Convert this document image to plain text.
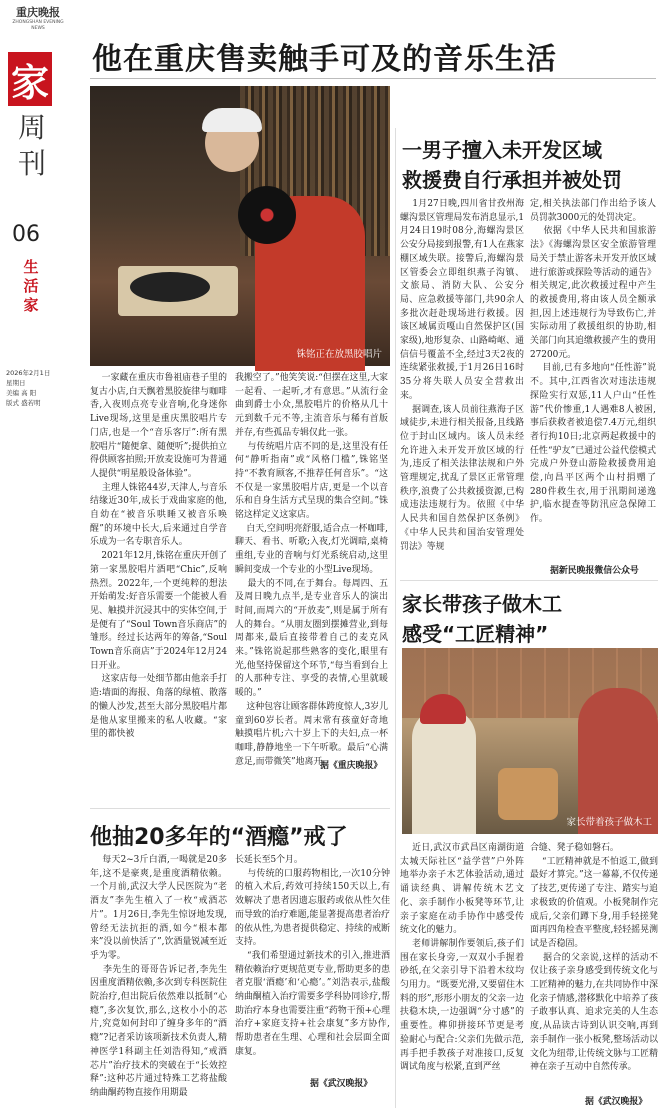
重庆晚报
ZHONGSHAN EVENING NEWS
家
周
刊
06
生
活
家
2026年2月1日
星期日
美编 高 阳
版式 盛若明
他在重庆售卖触手可及的音乐生活
铢铭正在放黑胶唱片
一家藏在重庆市鲁祖庙巷子里的复古小店,白天飘着黑胶旋律与咖啡香,入夜则点亮专业音响,化身迷你Live现场,这里是重庆黑胶唱片专门店,也是一个“音乐客厅”:所有黑胶唱片“随便拿、随便听”;提供拍立得供顾客拍照;开放麦设施可为普通人提供“明星般设备体验”。
主理人铢铭44岁,天津人,与音乐结缘近30年,成长于戏曲家庭的他,自幼在“被音乐哄睡又被音乐唤醒”的环境中长大,后来通过自学音乐成为一名专职音乐人。
2021年12月,铢铭在重庆开创了第一家黑胶唱片酒吧“Chic”,反响热烈。2022年,一个更纯粹的想法开始萌发:好音乐需要一个能被人看见、触摸并沉浸其中的实体空间,于是便有了“Soul Town音乐商店”的雏形。经过长达两年的筹备,“Soul Town音乐商店”于2024年12月24日开业。
这家店每一处细节都由他亲手打造:墙面的海报、角落的绿植、散落的懒人沙发,甚至大部分黑胶唱片都是他从家里搬来的私人收藏。“家里的都快被
我搬空了。”他笑笑说:“但摆在这里,大家一起看、一起听,才有意思。”从流行金曲到爵士小众,黑胶唱片的价格从几十元到数千元不等,主流音乐与稀有首版并存,有些孤品专辑仅此一张。
与传统唱片店不同的是,这里没有任何“静听指南”或“风格门槛”,铢铭坚持“不教育顾客,不推荐任何音乐”。“这不仅是一家黑胶唱片店,更是一个以音乐和自身生活方式呈现的集合空间。”铢铭这样定义这家店。
白天,空间明亮舒服,适合点一杯咖啡,聊天、看书、听歌;入夜,灯光调暗,桌椅重组,专业的音响与灯光系统启动,这里瞬间变成一个专业的小型Live现场。
最大的不同,在于舞台。每周四、五及周日晚九点半,是专业音乐人的演出时间,而周六的“开放麦”,则是属于所有人的舞台。“从朋友圈到摆摊营业,到每周都来,最后直接带着自己的麦克风来。”铢铭说起那些熟客的变化,眼里有光,他坚持保留这个环节,“每当看到台上的人那种专注、享受的表情,心里就暖暖的。”
这种包容让顾客群体跨度惊人,3岁儿童到60岁长者。周末常有孩童好奇地触摸唱片机;六十岁上下的夫妇,点一杯咖啡,静静地坐一下午听歌。最后“心满意足,而带微笑”地离开。
据《重庆晚报》
一男子擅入未开发区域
救援费自行承担并被处罚
1月27日晚,四川省甘孜州海螺沟景区管理局发布消息显示,1月24日19时08分,海螺沟景区公安分局接到报警,有1人在燕家棚区域失联。接警后,海螺沟景区管委会立即组织燕子沟镇、文旅局、消防大队、公安分局、应急救援等部门,共90余人多批次赶赴现场进行救援。因该区域属贡嘎山自然保护区(国家级),地形复杂、山路崎岖、通信信号覆盖不全,经过3天2夜的连续紧张救援,于1月26日16时35分将失联人员安全营救出来。
据调查,该人员前往燕海子区域徒步,未进行相关报备,且线路位于封山区域内。该人员未经允许进入未开发开放区域的行为,违反了相关法律法规和户外管理规定,扰乱了景区正常管理秩序,浪费了公共救援资源,已构成违法违规行为。依照《中华人民共和国自然保护区条例》《中华人民共和国治安管理处罚法》等规
定,相关执法部门作出给予该人员罚款3000元的处罚决定。
依据《中华人民共和国旅游法》《海螺沟景区安全旅游管理局关于禁止游客未开发开放区域进行旅游或探险等活动的通告》相关规定,此次救援过程中产生的救援费用,将由该人员全额承担,因上述违规行为导致伤亡,并实际动用了救援组织的协助,相关部门向其追缴救援产生的费用27200元。
目前,已有多地向“任性游”说不。其中,江西省次对违法违规探险实行双惩,11人户山“任性游”代价惨重,1人遇难8人被困,事后获救者被追偿7.4万元,组织者行拘10日;北京两起救援中的任性“驴友”已通过公益代偿模式完成户外登山游险救援费用追偿,向昌平区两个山村捐赠了280件救生衣,用于汛期间递逸护,临水提查等防汛应急保障工作。
据新民晚报微信公众号
家长带孩子做木工
感受“工匠精神”
家长带着孩子做木工
近日,武汉市武昌区南湖街道太城天际社区“益学营”户外阵地举办亲子木艺体验活动,通过诵读经典、讲解传统木艺文化、亲手制作小板凳等环节,让亲子家庭在动手协作中感受传统文化的魅力。
老师讲解制作要领后,孩子们围在家长身旁,一双双小手握着砂纸,在父亲引导下沿着木纹均匀用力。“既要光滑,又要留住木料的形”,形形小朋友的父亲一边扶稳木块,一边强调“分寸感”的重要性。榫卯拼接环节更是考验耐心与配合:父亲们先做示范,再手把手教孩子对准接口,反复调试角度与松紧,直到严丝
合缝、凳子稳如磐石。
“工匠精神就是不怕返工,做到最好才算完。”这一幕幕,不仅传递了技艺,更传递了专注、踏实与追求极致的价值观。小板凳制作完成后,父亲们蹲下身,用手轻搓凳面再四角检查平整度,轻轻摇晃测试是否稳固。
据合的父亲说,这样的活动不仅让孩子亲身感受到传统文化与工匠精神的魅力,在共同协作中深化亲子情感,潜移默化中培养了孩子敢事认真、追求完美的人生态度,从品读古诗到认识交响,再到亲手制作一张小板凳,整场活动以文化为纽带,让传统文脉与工匠精神在亲子互动中自然传承。
据《武汉晚报》
他抽20多年的“酒瘾”戒了
每天2~3斤白酒,一喝就是20多年,这不是豪爽,是重度酒精依赖。一个月前,武汉大学人民医院为“老酒友”李先生植入了一枚“戒酒芯片”。1月26日,李先生惊讶地发现,曾经无法抗拒的酒,如今“根本都来”没以前快活了”,饮酒量锐减至近乎为零。
李先生的哥哥告诉记者,李先生因重度酒精依赖,多次到专科医院住院治疗,但出院后依然难以抵制“心瘾”,多次复饮,那么,这枚小小的芯片,究竟如何封印了缠身多年的“酒瘾”?记者采访该项新技术负责人,精神医学1科副主任刘浩得知,“戒酒芯片”治疗技术的突破在于“长效控释”:这种芯片通过特殊工艺将盐酸纳曲酮药物直接作用期最
长延长至5个月。
与传统的口服药物相比,一次10分钟的植入术后,药效可持续150天以上,有效解决了患者因遗忘服药或依从性欠佳而导致的治疗难题,能显著提高患者治疗的依从性,为患者提供稳定、持续的戒断支持。
“我们希望通过新技术的引入,推进酒精依赖治疗更规范更专业,帮助更多的患者克服‘酒瘾’和‘心瘾’。”刘浩表示,盐酸纳曲酮植入治疗需要多学科协同诊疗,帮助治疗本身也需要注重“药物干预+心理治疗+家庭支持+社会康复”多方协作,帮助患者在生理、心理和社会层面全面康复。
据《武汉晚报》
